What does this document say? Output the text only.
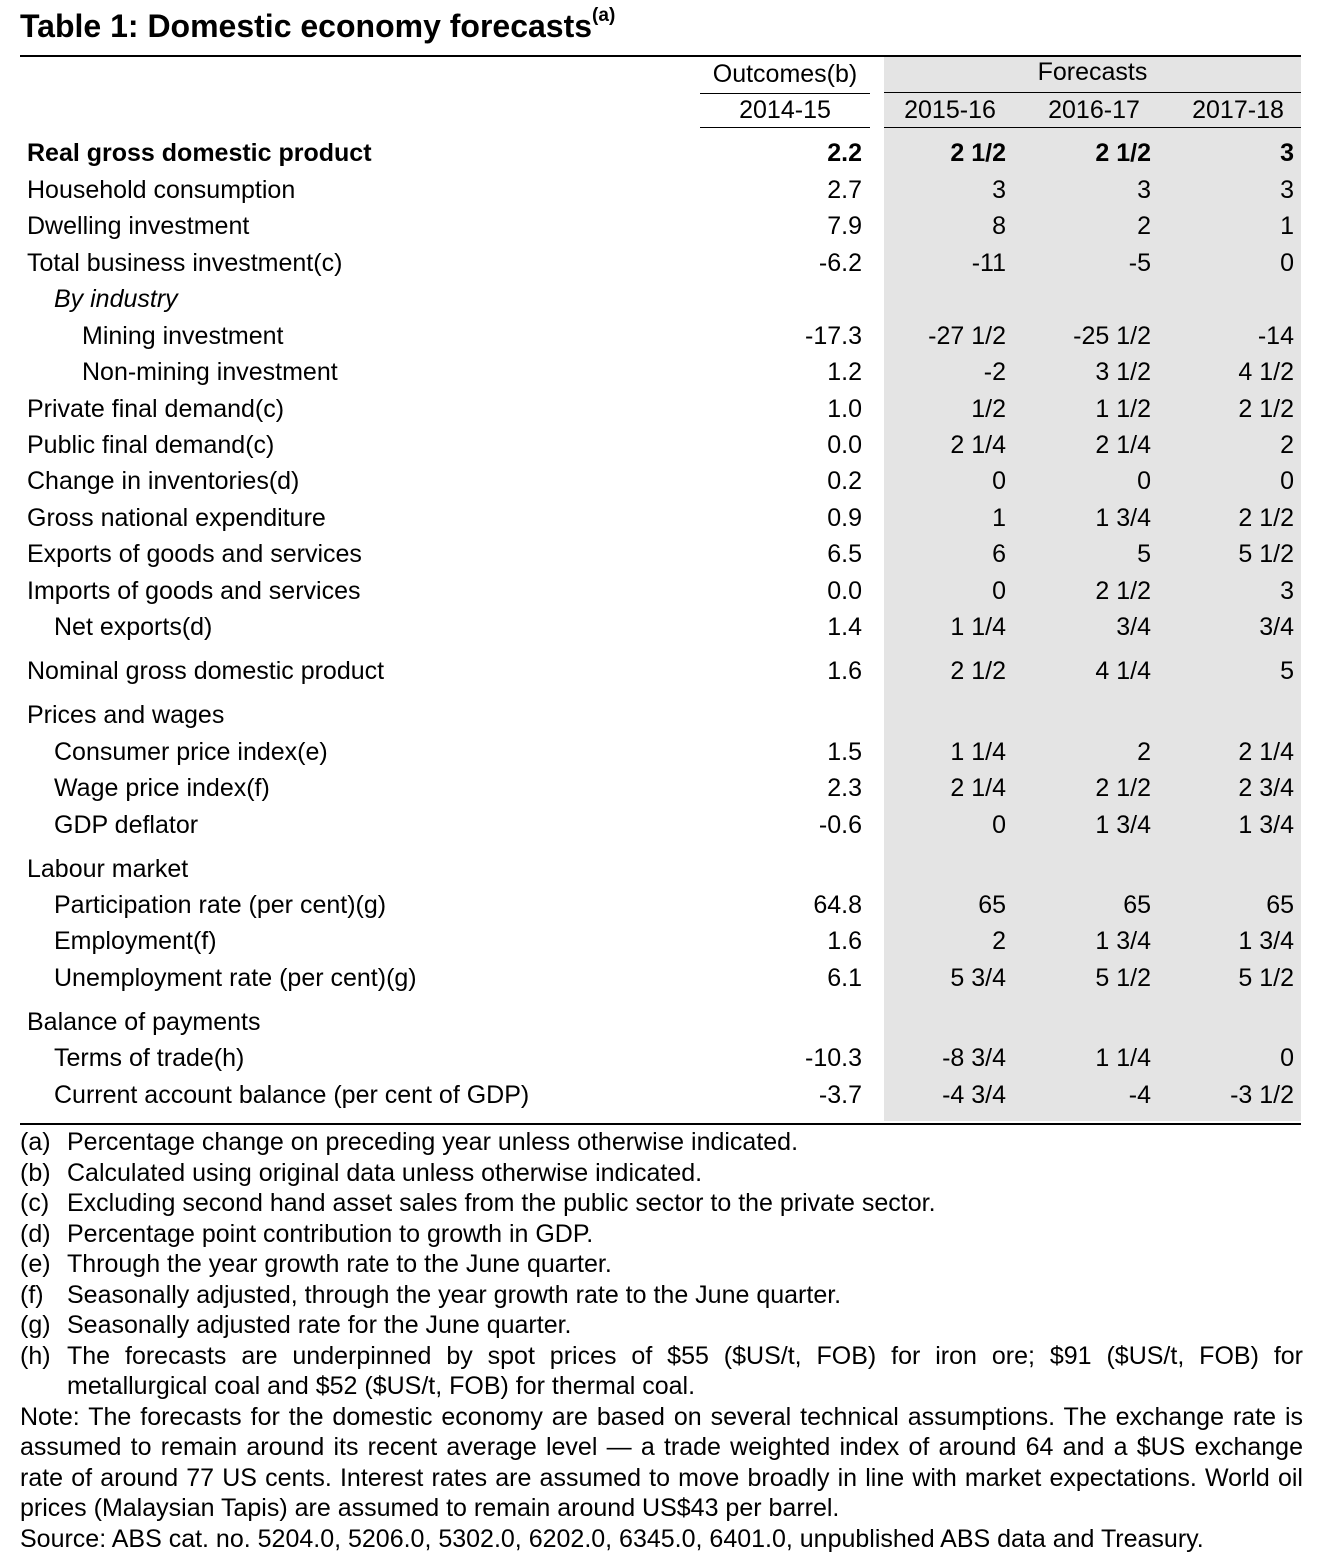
Table 1: Domestic economy forecasts$^{(a)}$
Outcomes(b)	Forecasts
2014-15	2015-16	2016-17	2017-18
Real gross domestic product	2.2	2 1/2	2 1/2	3
Household consumption	2.7	3	3	3
Dwelling investment	7.9	8	2	1
Total business investment(c)	-6.2	-11	-5	0
By industry
Mining investment	-17.3	-27 1/2	-25 1/2	-14
Non-mining investment	1.2	-2	3 1/2	4 1/2
Private final demand(c)	1.0	1/2	1 1/2	2 1/2
Public final demand(c)	0.0	2 1/4	2 1/4	2
Change in inventories(d)	0.2	0	0	0
Gross national expenditure	0.9	1	1 3/4	2 1/2
Exports of goods and services	6.5	6	5	5 1/2
Imports of goods and services	0.0	0	2 1/2	3
Net exports(d)	1.4	1 1/4	3/4	3/4
Nominal gross domestic product	1.6	2 1/2	4 1/4	5
Prices and wages
Consumer price index(e)	1.5	1 1/4	2	2 1/4
Wage price index(f)	2.3	2 1/4	2 1/2	2 3/4
GDP deflator	-0.6	0	1 3/4	1 3/4
Labour market
Participation rate (per cent)(g)	64.8	65	65	65
Employment(f)	1.6	2	1 3/4	1 3/4
Unemployment rate (per cent)(g)	6.1	5 3/4	5 1/2	5 1/2
Balance of payments
Terms of trade(h)	-10.3	-8 3/4	1 1/4	0
Current account balance (per cent of GDP)	-3.7	-4 3/4	-4	-3 1/2
(a) Percentage change on preceding year unless otherwise indicated.
(b) Calculated using original data unless otherwise indicated.
(c) Excluding second hand asset sales from the public sector to the private sector.
(d) Percentage point contribution to growth in GDP.
(e) Through the year growth rate to the June quarter.
(f) Seasonally adjusted, through the year growth rate to the June quarter.
(g) Seasonally adjusted rate for the June quarter.
(h) The forecasts are underpinned by spot prices of $55 ($US/t, FOB) for iron ore; $91 ($US/t, FOB) for metallurgical coal and $52 ($US/t, FOB) for thermal coal.
Note: The forecasts for the domestic economy are based on several technical assumptions. The exchange rate is assumed to remain around its recent average level — a trade weighted index of around 64 and a $US exchange rate of around 77 US cents. Interest rates are assumed to move broadly in line with market expectations. World oil prices (Malaysian Tapis) are assumed to remain around US$43 per barrel.
Source: ABS cat. no. 5204.0, 5206.0, 5302.0, 6202.0, 6345.0, 6401.0, unpublished ABS data and Treasury.
